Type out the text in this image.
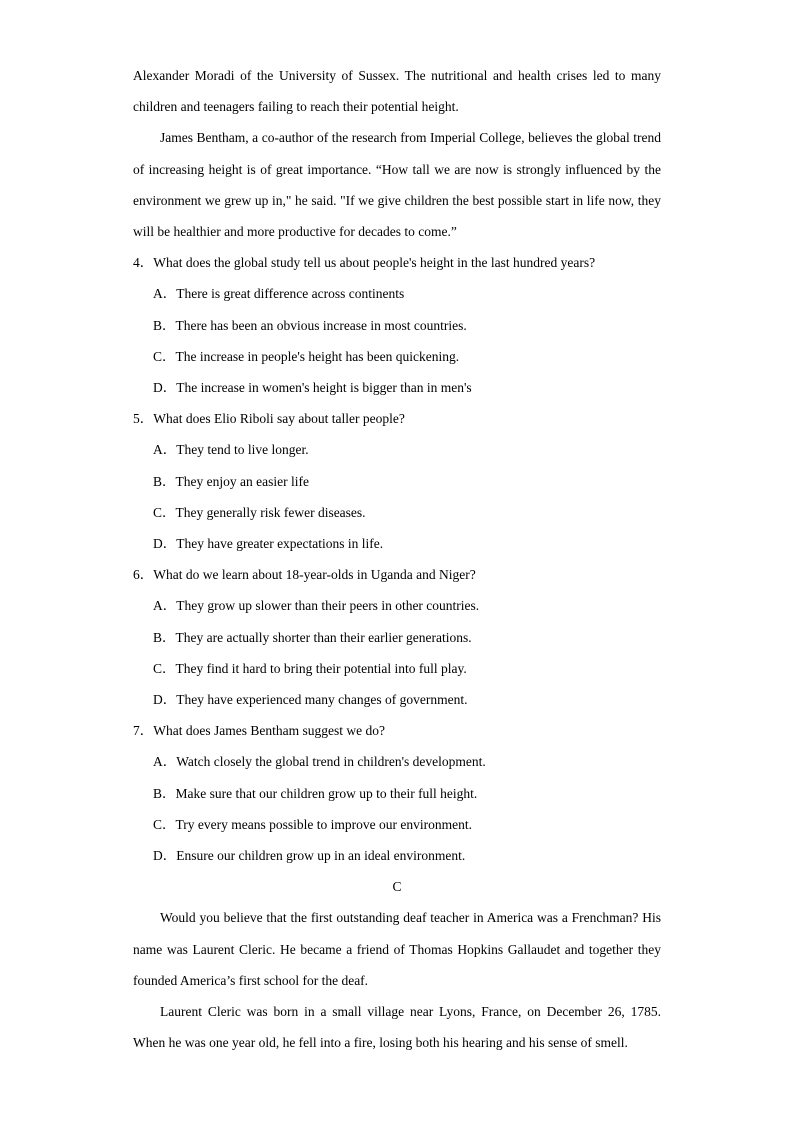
Alexander Moradi of the University of Sussex. The nutritional and health crises led to many children and teenagers failing to reach their potential height.

James Bentham, a co-author of the research from Imperial College, believes the global trend of increasing height is of great importance. “How tall we are now is strongly influenced by the environment we grew up in," he said. "If we give children the best possible start in life now, they will be healthier and more productive for decades to come.”

4．What does the global study tell us about people's height in the last hundred years?

A．There is great difference across continents

B．There has been an obvious increase in most countries.

C．The increase in people's height has been quickening.

D．The increase in women's height is bigger than in men's

5．What does Elio Riboli say about taller people?

A．They tend to live longer.

B．They enjoy an easier life

C．They generally risk fewer diseases.

D．They have greater expectations in life.

6．What do we learn about 18-year-olds in Uganda and Niger?

A．They grow up slower than their peers in other countries.

B．They are actually shorter than their earlier generations.

C．They find it hard to bring their potential into full play.

D．They have experienced many changes of government.

7．What does James Bentham suggest we do?

A．Watch closely the global trend in children's development.

B．Make sure that our children grow up to their full height.

C．Try every means possible to improve our environment.

D．Ensure our children grow up in an ideal environment.

C

Would you believe that the first outstanding deaf teacher in America was a Frenchman? His name was Laurent Cleric. He became a friend of Thomas Hopkins Gallaudet and together they founded America’s first school for the deaf.

Laurent Cleric was born in a small village near Lyons, France, on December 26, 1785. When he was one year old, he fell into a fire, losing both his hearing and his sense of smell.
